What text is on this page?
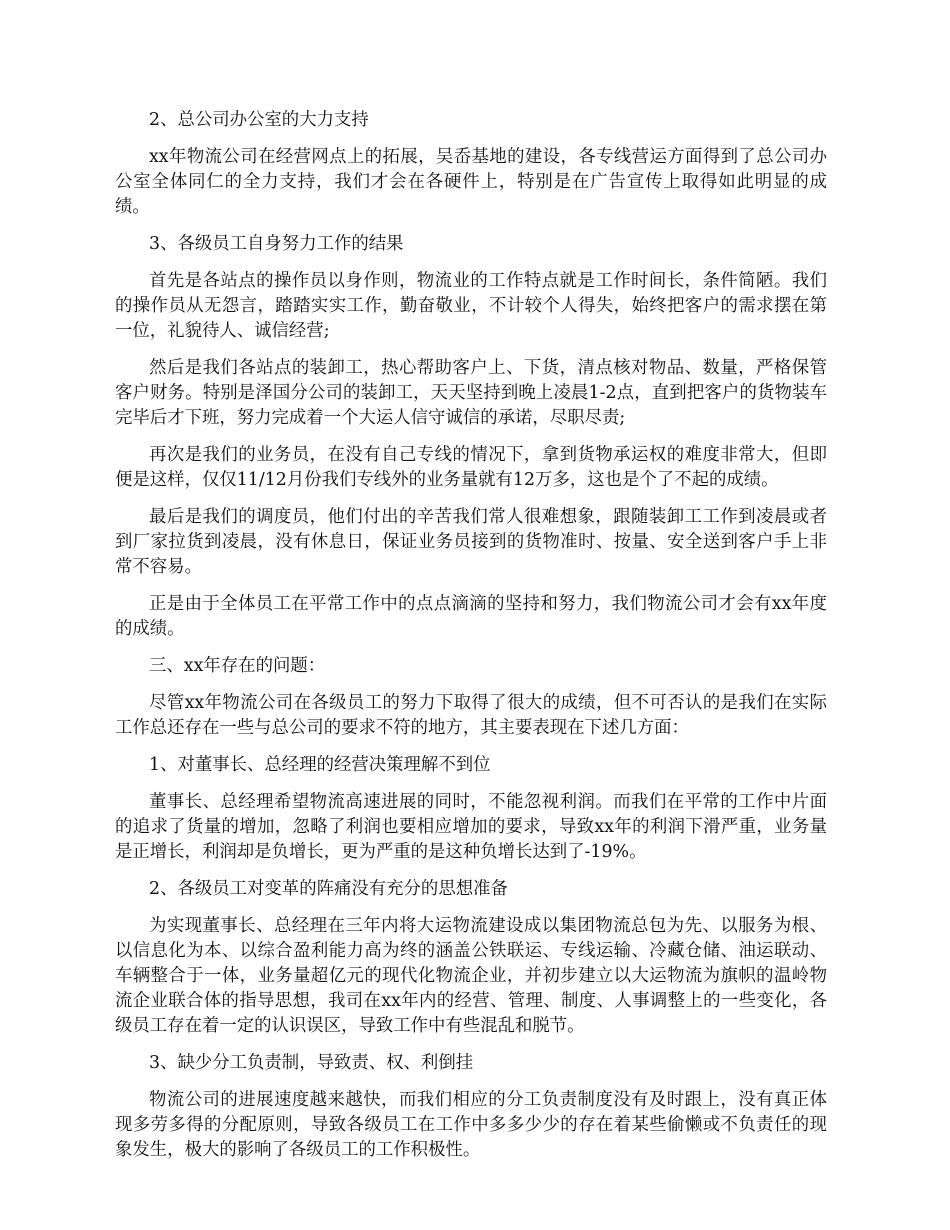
2、总公司办公室的大力支持

xx年物流公司在经营网点上的拓展，吴岙基地的建设，各专线营运方面得到了总公司办公室全体同仁的全力支持，我们才会在各硬件上，特别是在广告宣传上取得如此明显的成绩。

3、各级员工自身努力工作的结果

首先是各站点的操作员以身作则，物流业的工作特点就是工作时间长，条件简陋。我们的操作员从无怨言，踏踏实实工作，勤奋敬业，不计较个人得失，始终把客户的需求摆在第一位，礼貌待人、诚信经营;

然后是我们各站点的装卸工，热心帮助客户上、下货，清点核对物品、数量，严格保管客户财务。特别是泽国分公司的装卸工，天天坚持到晚上凌晨1-2点，直到把客户的货物装车完毕后才下班，努力完成着一个大运人信守诚信的承诺，尽职尽责;

再次是我们的业务员，在没有自己专线的情况下，拿到货物承运权的难度非常大，但即便是这样，仅仅11/12月份我们专线外的业务量就有12万多，这也是个了不起的成绩。

最后是我们的调度员，他们付出的辛苦我们常人很难想象，跟随装卸工工作到凌晨或者到厂家拉货到凌晨，没有休息日，保证业务员接到的货物准时、按量、安全送到客户手上非常不容易。

正是由于全体员工在平常工作中的点点滴滴的坚持和努力，我们物流公司才会有xx年度的成绩。

三、xx年存在的问题：

尽管xx年物流公司在各级员工的努力下取得了很大的成绩，但不可否认的是我们在实际工作总还存在一些与总公司的要求不符的地方，其主要表现在下述几方面：

1、对董事长、总经理的经营决策理解不到位

董事长、总经理希望物流高速进展的同时，不能忽视利润。而我们在平常的工作中片面的追求了货量的增加，忽略了利润也要相应增加的要求，导致xx年的利润下滑严重，业务量是正增长，利润却是负增长，更为严重的是这种负增长达到了-19%。

2、各级员工对变革的阵痛没有充分的思想准备

为实现董事长、总经理在三年内将大运物流建设成以集团物流总包为先、以服务为根、以信息化为本、以综合盈利能力高为终的涵盖公铁联运、专线运输、冷藏仓储、油运联动、车辆整合于一体，业务量超亿元的现代化物流企业，并初步建立以大运物流为旗帜的温岭物流企业联合体的指导思想，我司在xx年内的经营、管理、制度、人事调整上的一些变化，各级员工存在着一定的认识误区，导致工作中有些混乱和脱节。

3、缺少分工负责制，导致责、权、利倒挂

物流公司的进展速度越来越快，而我们相应的分工负责制度没有及时跟上，没有真正体现多劳多得的分配原则，导致各级员工在工作中多多少少的存在着某些偷懒或不负责任的现象发生，极大的影响了各级员工的工作积极性。
